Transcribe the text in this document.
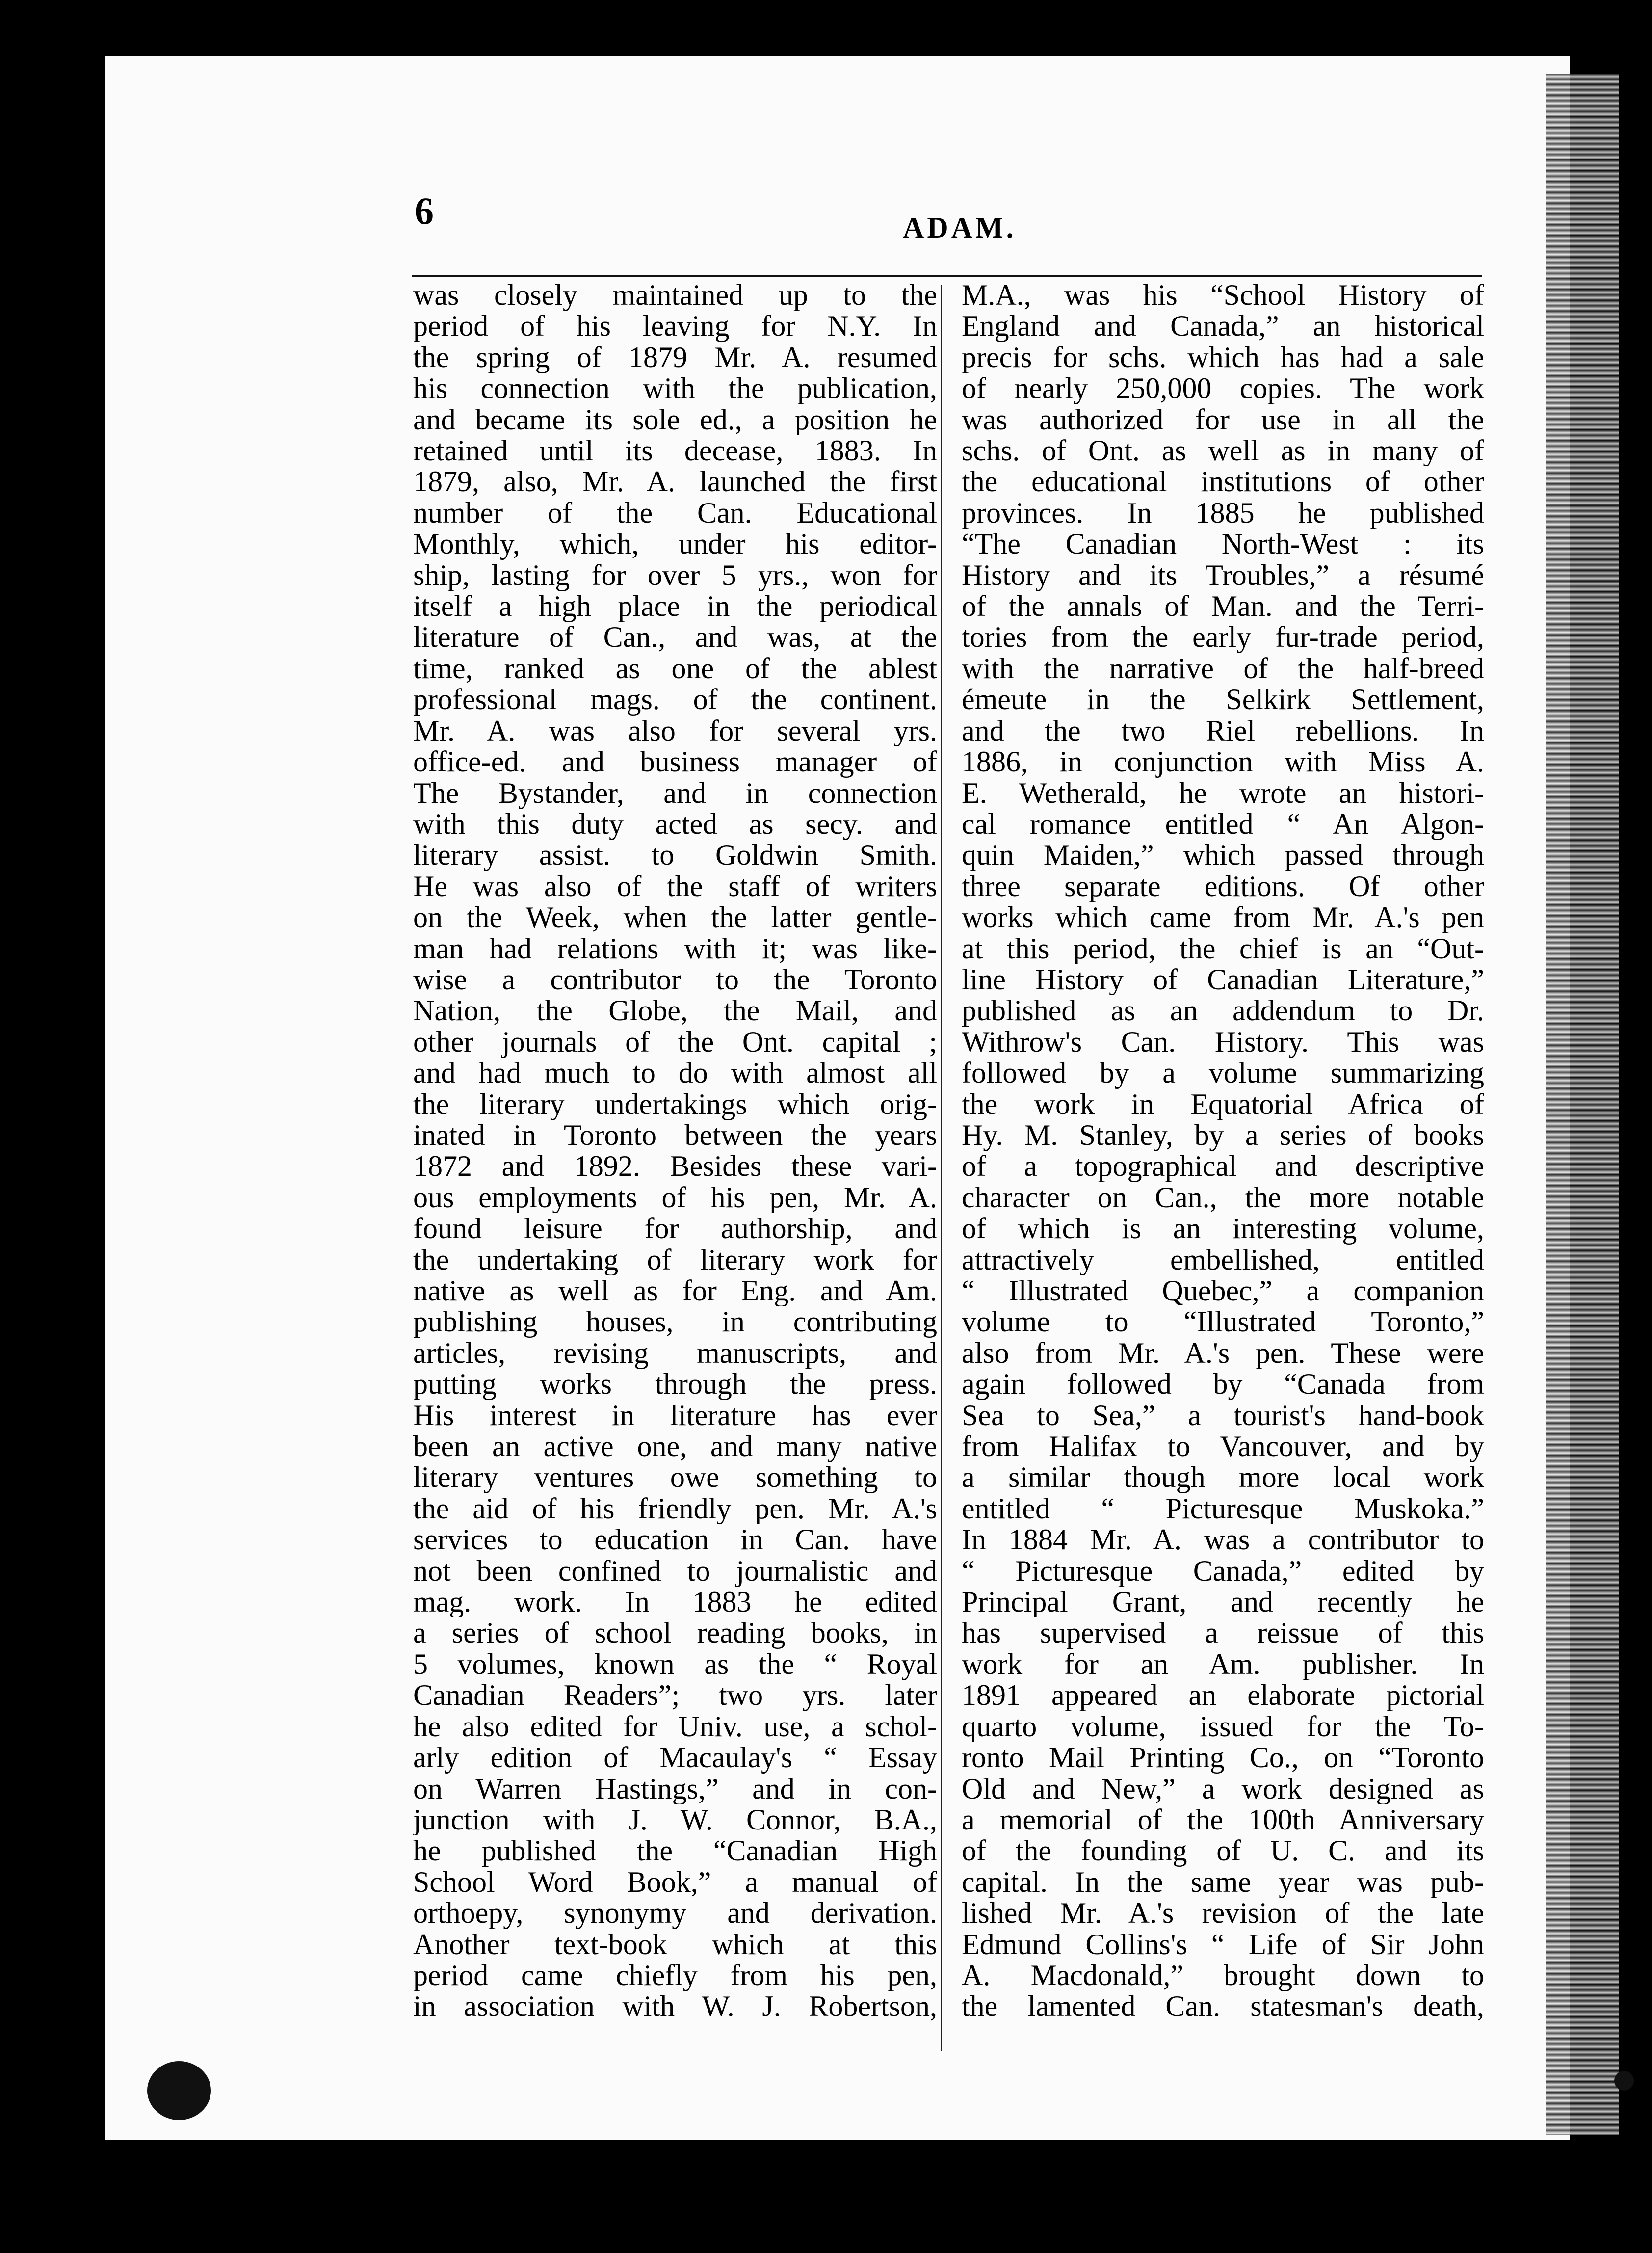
6	ADAM.
was closely maintained up to the
period of his leaving for N.Y. In
the spring of 1879 Mr. A. resumed
his connection with the publication,
and became its sole ed., a position he
retained until its decease, 1883. In
1879, also, Mr. A. launched the first
number of the Can. Educational
Monthly, which, under his editor-
ship, lasting for over 5 yrs., won for
itself a high place in the periodical
literature of Can., and was, at the
time, ranked as one of the ablest
professional mags. of the continent.
Mr. A. was also for several yrs.
office-ed. and business manager of
The Bystander, and in connection
with this duty acted as secy. and
literary assist. to Goldwin Smith.
He was also of the staff of writers
on the Week, when the latter gentle-
man had relations with it; was like-
wise a contributor to the Toronto
Nation, the Globe, the Mail, and
other journals of the Ont. capital ;
and had much to do with almost all
the literary undertakings which orig-
inated in Toronto between the years
1872 and 1892. Besides these vari-
ous employments of his pen, Mr. A.
found leisure for authorship, and
the undertaking of literary work for
native as well as for Eng. and Am.
publishing houses, in contributing
articles, revising manuscripts, and
putting works through the press.
His interest in literature has ever
been an active one, and many native
literary ventures owe something to
the aid of his friendly pen. Mr. A.'s
services to education in Can. have
not been confined to journalistic and
mag. work. In 1883 he edited
a series of school reading books, in
5 volumes, known as the “ Royal
Canadian Readers”; two yrs. later
he also edited for Univ. use, a schol-
arly edition of Macaulay's “ Essay
on Warren Hastings,” and in con-
junction with J. W. Connor, B.A.,
he published the “Canadian High
School Word Book,” a manual of
orthoepy, synonymy and derivation.
Another text-book which at this
period came chiefly from his pen,
in association with W. J. Robertson,
M.A., was his “School History of
England and Canada,” an historical
precis for schs. which has had a sale
of nearly 250,000 copies. The work
was authorized for use in all the
schs. of Ont. as well as in many of
the educational institutions of other
provinces. In 1885 he published
“The Canadian North-West : its
History and its Troubles,” a résumé
of the annals of Man. and the Terri-
tories from the early fur-trade period,
with the narrative of the half-breed
émeute in the Selkirk Settlement,
and the two Riel rebellions. In
1886, in conjunction with Miss A.
E. Wetherald, he wrote an histori-
cal romance entitled “ An Algon-
quin Maiden,” which passed through
three separate editions. Of other
works which came from Mr. A.'s pen
at this period, the chief is an “Out-
line History of Canadian Literature,”
published as an addendum to Dr.
Withrow's Can. History. This was
followed by a volume summarizing
the work in Equatorial Africa of
Hy. M. Stanley, by a series of books
of a topographical and descriptive
character on Can., the more notable
of which is an interesting volume,
attractively embellished, entitled
“ Illustrated Quebec,” a companion
volume to “Illustrated Toronto,”
also from Mr. A.'s pen. These were
again followed by “Canada from
Sea to Sea,” a tourist's hand-book
from Halifax to Vancouver, and by
a similar though more local work
entitled “ Picturesque Muskoka.”
In 1884 Mr. A. was a contributor to
“ Picturesque Canada,” edited by
Principal Grant, and recently he
has supervised a reissue of this
work for an Am. publisher. In
1891 appeared an elaborate pictorial
quarto volume, issued for the To-
ronto Mail Printing Co., on “Toronto
Old and New,” a work designed as
a memorial of the 100th Anniversary
of the founding of U. C. and its
capital. In the same year was pub-
lished Mr. A.'s revision of the late
Edmund Collins's “ Life of Sir John
A. Macdonald,” brought down to
the lamented Can. statesman's death,
